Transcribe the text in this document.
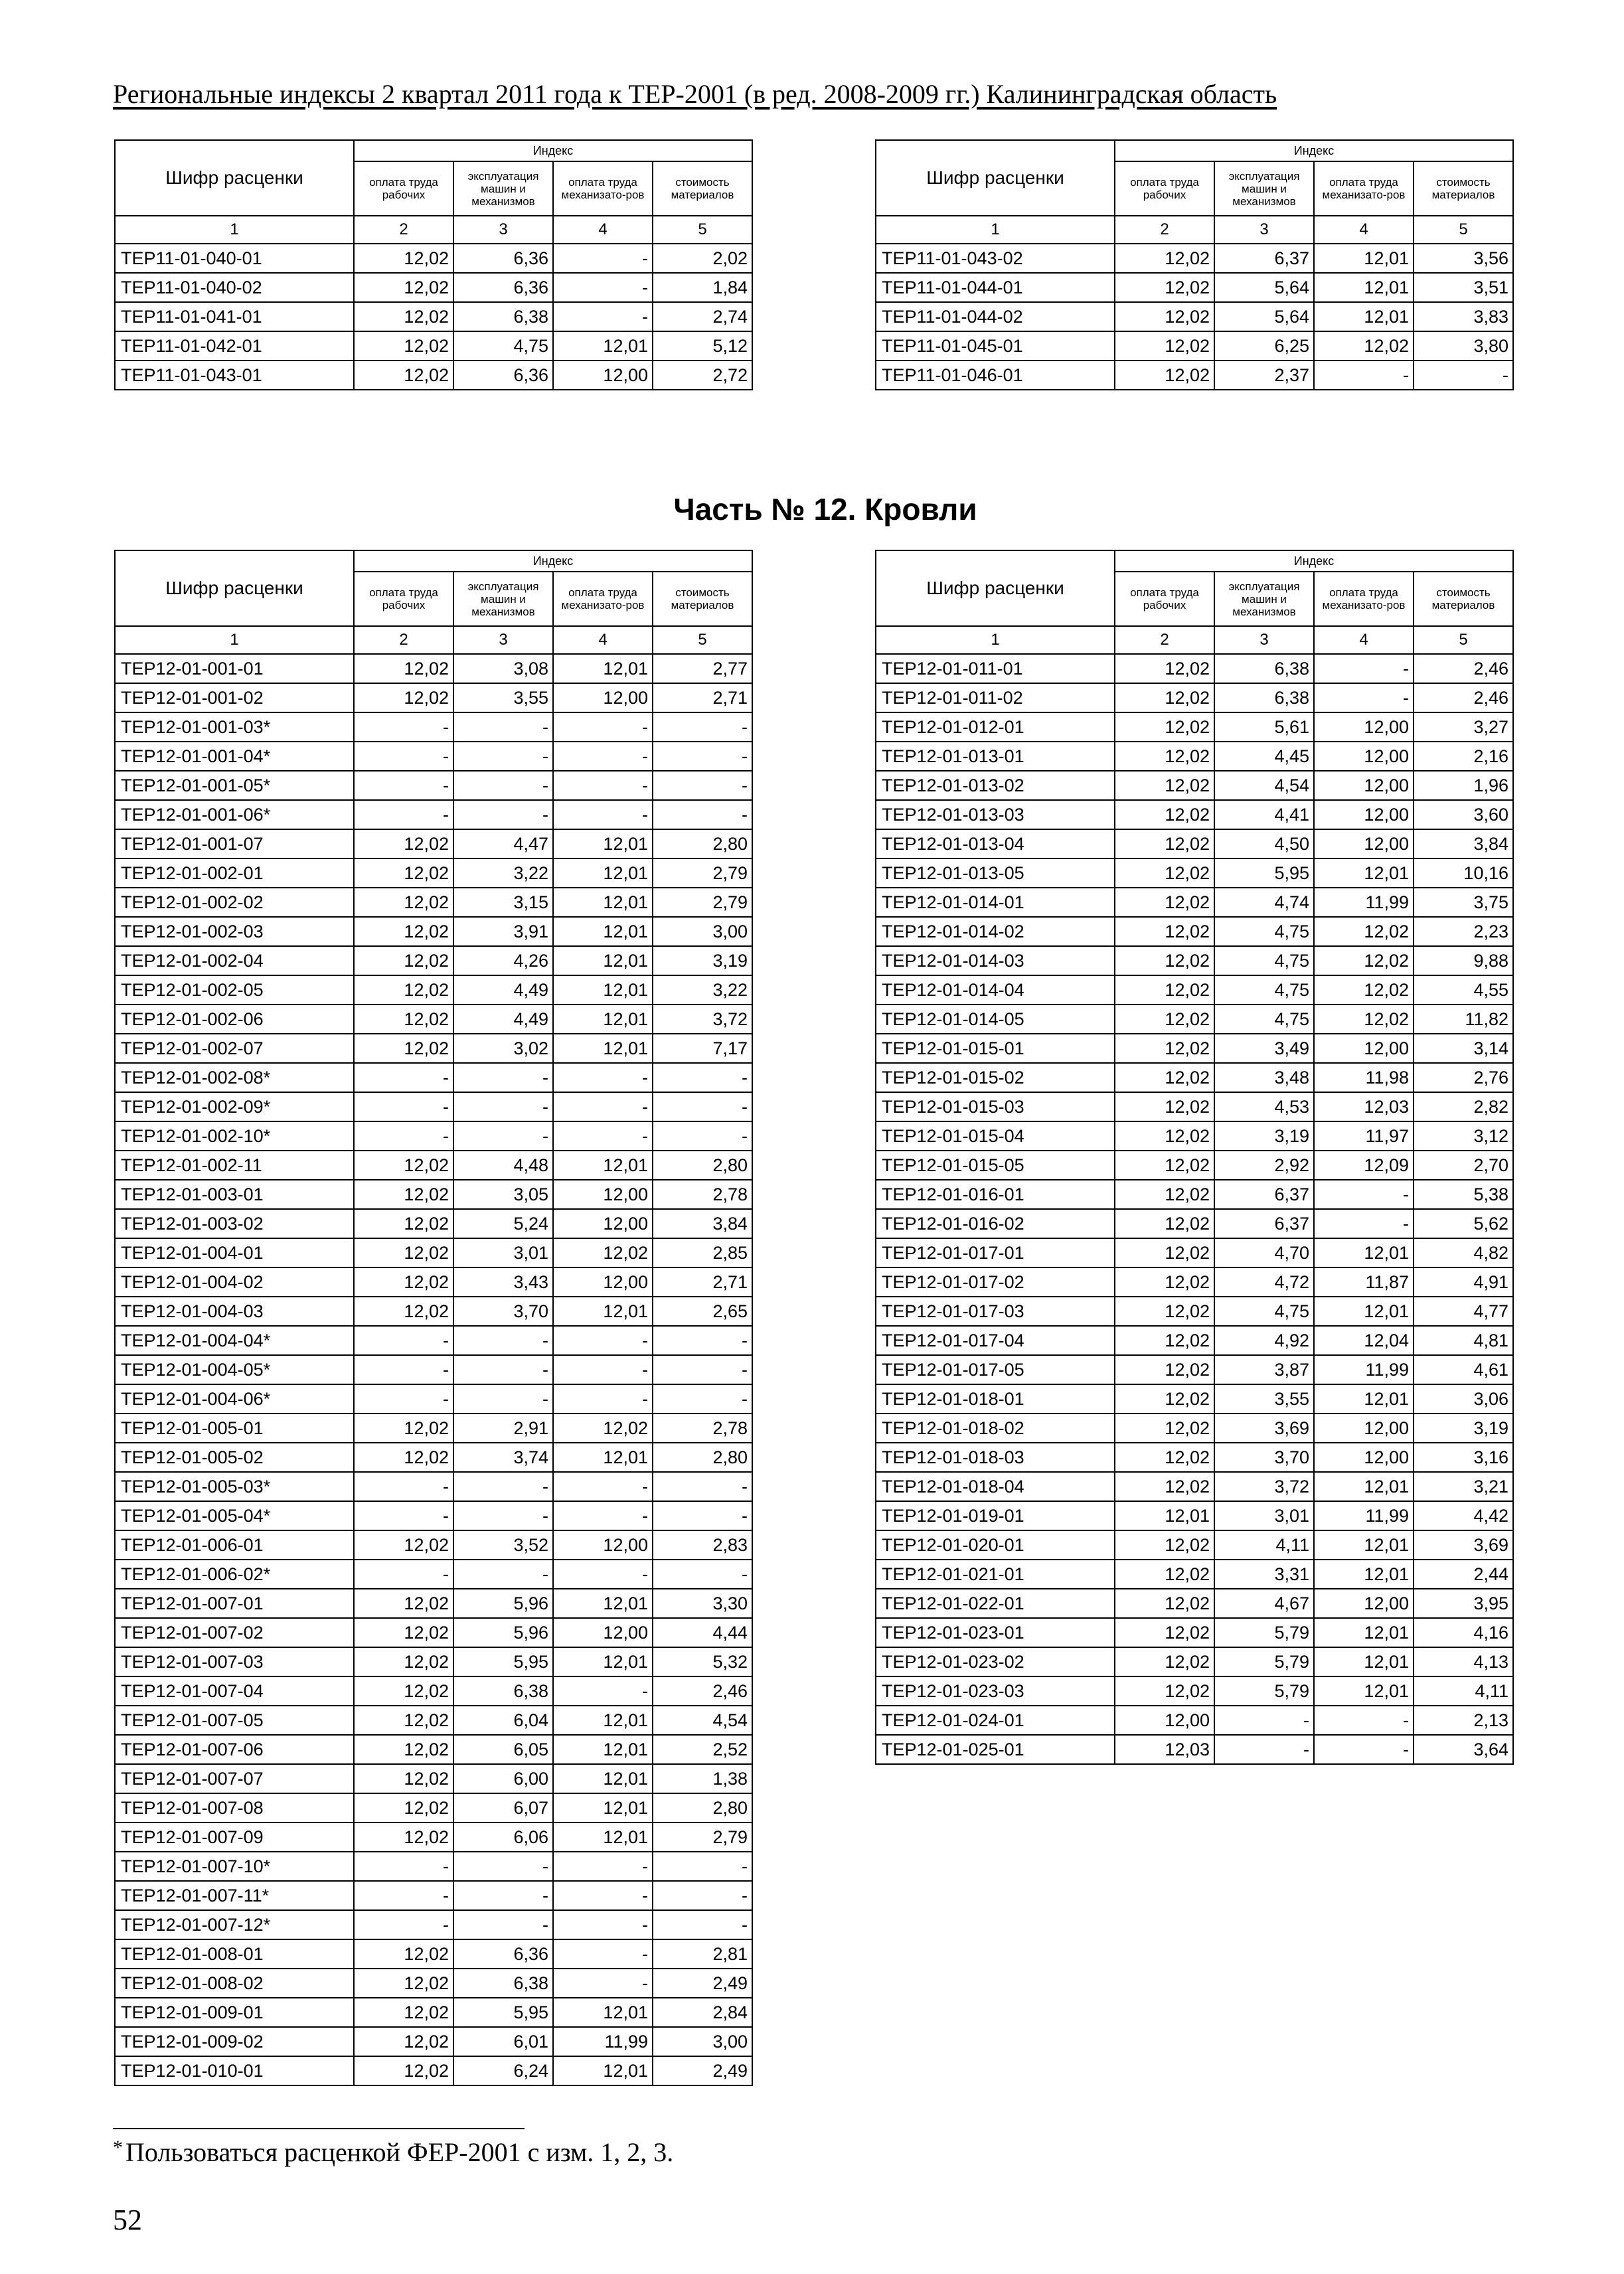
Региональные индексы 2 квартал 2011 года к ТЕР-2001 (в ред. 2008-2009 гг.) Калининградская область
Часть № 12. Кровли
Шифр расценки	Индекс			
	оплата труда рабочих	эксплуатация машин и механизмов	оплата труда механизато-ров	стоимость материалов
1	2	3	4	5
ТЕР11-01-040-01	12,02	6,36	-	2,02
ТЕР11-01-040-02	12,02	6,36	-	1,84
ТЕР11-01-041-01	12,02	6,38	-	2,74
ТЕР11-01-042-01	12,02	4,75	12,01	5,12
ТЕР11-01-043-01	12,02	6,36	12,00	2,72
Шифр расценки	Индекс			
	оплата труда рабочих	эксплуатация машин и механизмов	оплата труда механизато-ров	стоимость материалов
1	2	3	4	5
ТЕР11-01-043-02	12,02	6,37	12,01	3,56
ТЕР11-01-044-01	12,02	5,64	12,01	3,51
ТЕР11-01-044-02	12,02	5,64	12,01	3,83
ТЕР11-01-045-01	12,02	6,25	12,02	3,80
ТЕР11-01-046-01	12,02	2,37	-	-
Шифр расценки	Индекс			
	оплата труда рабочих	эксплуатация машин и механизмов	оплата труда механизато-ров	стоимость материалов
1	2	3	4	5
ТЕР12-01-001-01	12,02	3,08	12,01	2,77
ТЕР12-01-001-02	12,02	3,55	12,00	2,71
ТЕР12-01-001-03*	-	-	-	-
ТЕР12-01-001-04*	-	-	-	-
ТЕР12-01-001-05*	-	-	-	-
ТЕР12-01-001-06*	-	-	-	-
ТЕР12-01-001-07	12,02	4,47	12,01	2,80
ТЕР12-01-002-01	12,02	3,22	12,01	2,79
ТЕР12-01-002-02	12,02	3,15	12,01	2,79
ТЕР12-01-002-03	12,02	3,91	12,01	3,00
ТЕР12-01-002-04	12,02	4,26	12,01	3,19
ТЕР12-01-002-05	12,02	4,49	12,01	3,22
ТЕР12-01-002-06	12,02	4,49	12,01	3,72
ТЕР12-01-002-07	12,02	3,02	12,01	7,17
ТЕР12-01-002-08*	-	-	-	-
ТЕР12-01-002-09*	-	-	-	-
ТЕР12-01-002-10*	-	-	-	-
ТЕР12-01-002-11	12,02	4,48	12,01	2,80
ТЕР12-01-003-01	12,02	3,05	12,00	2,78
ТЕР12-01-003-02	12,02	5,24	12,00	3,84
ТЕР12-01-004-01	12,02	3,01	12,02	2,85
ТЕР12-01-004-02	12,02	3,43	12,00	2,71
ТЕР12-01-004-03	12,02	3,70	12,01	2,65
ТЕР12-01-004-04*	-	-	-	-
ТЕР12-01-004-05*	-	-	-	-
ТЕР12-01-004-06*	-	-	-	-
ТЕР12-01-005-01	12,02	2,91	12,02	2,78
ТЕР12-01-005-02	12,02	3,74	12,01	2,80
ТЕР12-01-005-03*	-	-	-	-
ТЕР12-01-005-04*	-	-	-	-
ТЕР12-01-006-01	12,02	3,52	12,00	2,83
ТЕР12-01-006-02*	-	-	-	-
ТЕР12-01-007-01	12,02	5,96	12,01	3,30
ТЕР12-01-007-02	12,02	5,96	12,00	4,44
ТЕР12-01-007-03	12,02	5,95	12,01	5,32
ТЕР12-01-007-04	12,02	6,38	-	2,46
ТЕР12-01-007-05	12,02	6,04	12,01	4,54
ТЕР12-01-007-06	12,02	6,05	12,01	2,52
ТЕР12-01-007-07	12,02	6,00	12,01	1,38
ТЕР12-01-007-08	12,02	6,07	12,01	2,80
ТЕР12-01-007-09	12,02	6,06	12,01	2,79
ТЕР12-01-007-10*	-	-	-	-
ТЕР12-01-007-11*	-	-	-	-
ТЕР12-01-007-12*	-	-	-	-
ТЕР12-01-008-01	12,02	6,36	-	2,81
ТЕР12-01-008-02	12,02	6,38	-	2,49
ТЕР12-01-009-01	12,02	5,95	12,01	2,84
ТЕР12-01-009-02	12,02	6,01	11,99	3,00
ТЕР12-01-010-01	12,02	6,24	12,01	2,49
Шифр расценки	Индекс			
	оплата труда рабочих	эксплуатация машин и механизмов	оплата труда механизато-ров	стоимость материалов
1	2	3	4	5
ТЕР12-01-011-01	12,02	6,38	-	2,46
ТЕР12-01-011-02	12,02	6,38	-	2,46
ТЕР12-01-012-01	12,02	5,61	12,00	3,27
ТЕР12-01-013-01	12,02	4,45	12,00	2,16
ТЕР12-01-013-02	12,02	4,54	12,00	1,96
ТЕР12-01-013-03	12,02	4,41	12,00	3,60
ТЕР12-01-013-04	12,02	4,50	12,00	3,84
ТЕР12-01-013-05	12,02	5,95	12,01	10,16
ТЕР12-01-014-01	12,02	4,74	11,99	3,75
ТЕР12-01-014-02	12,02	4,75	12,02	2,23
ТЕР12-01-014-03	12,02	4,75	12,02	9,88
ТЕР12-01-014-04	12,02	4,75	12,02	4,55
ТЕР12-01-014-05	12,02	4,75	12,02	11,82
ТЕР12-01-015-01	12,02	3,49	12,00	3,14
ТЕР12-01-015-02	12,02	3,48	11,98	2,76
ТЕР12-01-015-03	12,02	4,53	12,03	2,82
ТЕР12-01-015-04	12,02	3,19	11,97	3,12
ТЕР12-01-015-05	12,02	2,92	12,09	2,70
ТЕР12-01-016-01	12,02	6,37	-	5,38
ТЕР12-01-016-02	12,02	6,37	-	5,62
ТЕР12-01-017-01	12,02	4,70	12,01	4,82
ТЕР12-01-017-02	12,02	4,72	11,87	4,91
ТЕР12-01-017-03	12,02	4,75	12,01	4,77
ТЕР12-01-017-04	12,02	4,92	12,04	4,81
ТЕР12-01-017-05	12,02	3,87	11,99	4,61
ТЕР12-01-018-01	12,02	3,55	12,01	3,06
ТЕР12-01-018-02	12,02	3,69	12,00	3,19
ТЕР12-01-018-03	12,02	3,70	12,00	3,16
ТЕР12-01-018-04	12,02	3,72	12,01	3,21
ТЕР12-01-019-01	12,01	3,01	11,99	4,42
ТЕР12-01-020-01	12,02	4,11	12,01	3,69
ТЕР12-01-021-01	12,02	3,31	12,01	2,44
ТЕР12-01-022-01	12,02	4,67	12,00	3,95
ТЕР12-01-023-01	12,02	5,79	12,01	4,16
ТЕР12-01-023-02	12,02	5,79	12,01	4,13
ТЕР12-01-023-03	12,02	5,79	12,01	4,11
ТЕР12-01-024-01	12,00	-	-	2,13
ТЕР12-01-025-01	12,03	-	-	3,64
* Пользоваться расценкой ФЕР-2001 с изм. 1, 2, 3.
52
